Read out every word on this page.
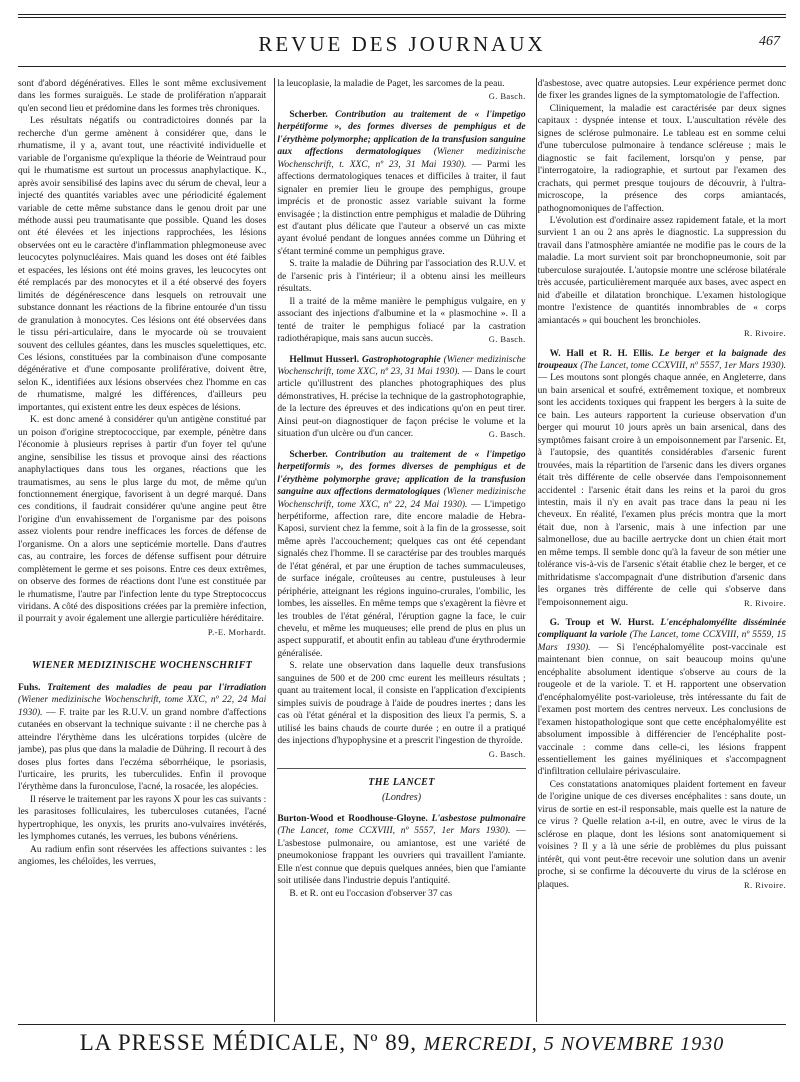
REVUE DES JOURNAUX	467

sont d'abord dégénératives. Elles le sont même exclusivement dans les formes suraiguës. Le stade de prolifération n'apparait qu'en second lieu et prédomine dans les formes très chroniques.

Les résultats négatifs ou contradictoires donnés par la recherche d'un germe amènent à considérer que, dans le rhumatisme, il y a, avant tout, une réactivité individuelle et variable de l'organisme qu'explique la théorie de Weintraud pour qui le rhumatisme est surtout un processus anaphylactique. K., après avoir sensibilisé des lapins avec du sérum de cheval, leur a injecté des quantités variables avec une périodicité également variable de cette même substance dans le genou droit par une méthode aussi peu traumatisante que possible. Quand les doses ont été élevées et les injections rapprochées, les lésions observées ont eu le caractère d'inflammation phlegmoneuse avec leucocytes polynucléaires. Mais quand les doses ont été faibles et espacées, les lésions ont été moins graves, les leucocytes ont été remplacés par des monocytes et il a été observé des foyers limités de dégénérescence dans lesquels on retrouvait une substance donnant les réactions de la fibrine entourée d'un tissu de granulation à monocytes. Ces lésions ont été observées dans le tissu péri-articulaire, dans le myocarde où se trouvaient souvent des cellules géantes, dans les muscles squelettiques, etc. Ces lésions, constituées par la combinaison d'une composante dégénérative et d'une composante proliférative, doivent être, selon K., identifiées aux lésions observées chez l'homme en cas de rhumatisme, malgré les différences, d'ailleurs peu importantes, qui existent entre les deux espèces de lésions.

K. est donc amené à considérer qu'un antigène constitué par un poison d'origine streptococcique, par exemple, pénètre dans l'économie à plusieurs reprises à partir d'un foyer tel qu'une angine, sensibilise les tissus et provoque ainsi des réactions anaphylactiques dans tous les organes, réactions que les traumatismes, au sens le plus large du mot, de même qu'un fonctionnement énergique, favorisent à un degré marqué. Dans ces conditions, il faudrait considérer qu'une angine peut être l'origine d'un envahissement de l'organisme par des poisons assez violents pour rendre inefficaces les forces de défense de l'organisme. On a alors une septicémie mortelle. Dans d'autres cas, au contraire, les forces de défense suffisent pour détruire complètement le germe et ses poisons. Entre ces deux extrêmes, on observe des formes de réactions dont l'une est constituée par le rhumatisme, l'autre par l'infection lente du type Streptococcus viridans. A côté des dispositions créées par la première infection, il pourrait y avoir également une allergie particulière héréditaire.

P.-E. Morhardt.
WIENER MEDIZINISCHE WOCHENSCHRIFT

Fuhs. Traitement des maladies de peau par l'irradiation (Wiener medizinische Wochenschrift, tome XXC, nº 22, 24 Mai 1930). — F. traite par les R.U.V. un grand nombre d'affections cutanées en observant la technique suivante : il ne cherche pas à atteindre l'érythème dans les ulcérations torpides (ulcère de jambe), pas plus que dans la maladie de Dühring. Il recourt à des doses plus fortes dans l'eczéma séborrhéique, le psoriasis, l'urticaire, les prurits, les tuberculides. Enfin il provoque l'érythème dans la furonculose, l'acné, la rosacée, les alopécies.

Il réserve le traitement par les rayons X pour les cas suivants : les parasitoses folliculaires, les tuberculoses cutanées, l'acné hypertrophique, les onyxis, les prurits ano-vulvaires invétérés, les lymphomes cutanés, les verrues, les bubons vénériens.

Au radium enfin sont réservées les affections suivantes : les angiomes, les chéloïdes, les verrues,

la leucoplasie, la maladie de Paget, les sarcomes de la peau.
G. Basch.

Scherber. Contribution au traitement de « l'impetigo herpétiforme », des formes diverses de pemphigus et de l'érythème polymorphe; application de la transfusion sanguine aux affections dermatologiques (Wiener medizinische Wochenschrift, t. XXC, nº 23, 31 Mai 1930). — Parmi les affections dermatologiques tenaces et difficiles à traiter, il faut signaler en premier lieu le groupe des pemphigus, groupe imprécis et de pronostic assez variable suivant la forme envisagée ; la distinction entre pemphigus et maladie de Dühring est d'autant plus délicate que l'auteur a observé un cas mixte ayant évolué pendant de longues années comme un Dühring et s'étant terminé comme un pemphigus grave.

S. traite la maladie de Dühring par l'association des R.U.V. et de l'arsenic pris à l'intérieur; il a obtenu ainsi les meilleurs résultats.

Il a traité de la même manière le pemphigus vulgaire, en y associant des injections d'albumine et la « plasmochine ». Il a tenté de traiter le pemphigus foliacé par la castration radiothérapique, mais sans aucun succès.	G. Basch.

Hellmut Husserl. Gastrophotographie (Wiener medizinische Wochenschrift, tome XXC, nº 23, 31 Mai 1930). — Dans le court article qu'illustrent des planches photographiques des plus démonstratives, H. précise la technique de la gastrophotographie, de la lecture des épreuves et des indications qu'on en peut tirer. Ainsi peut-on diagnostiquer de façon précise le volume et la situation d'un ulcère ou d'un cancer.	G. Basch.

Scherber. Contribution au traitement de « l'impetigo herpetiformis », des formes diverses de pemphigus et de l'érythème polymorphe grave; application de la transfusion sanguine aux affections dermatologiques (Wiener medizinische Wochenschrift, tome XXC, nº 22, 24 Mai 1930). — L'impetigo herpétiforme, affection rare, dite encore maladie de Hebra-Kaposi, survient chez la femme, soit à la fin de la grossesse, soit même après l'accouchement; quelques cas ont été cependant signalés chez l'homme. Il se caractérise par des troubles marqués de l'état général, et par une éruption de taches summaculeuses, de surface inégale, croûteuses au centre, pustuleuses à leur périphérie, atteignant les régions inguino-crurales, l'ombilic, les lombes, les aisselles. En même temps que s'exagèrent la fièvre et les troubles de l'état général, l'éruption gagne la face, le cuir chevelu, et même les muqueuses; elle prend de plus en plus un aspect suppuratif, et aboutit enfin au tableau d'une érythrodermie généralisée.

S. relate une observation dans laquelle deux transfusions sanguines de 500 et de 200 cmc eurent les meilleurs résultats ; quant au traitement local, il consiste en l'application d'excipients simples suivis de poudrage à l'aide de poudres inertes ; dans les cas où l'état général et la disposition des lieux l'a permis, S. a utilisé les bains chauds de courte durée ; en outre il a pratiqué des injections d'hypophysine et a prescrit l'ingestion de thyroïde.
G. Basch.

THE LANCET
(Londres)

Burton-Wood et Roodhouse-Gloyne. L'asbestose pulmonaire (The Lancet, tome CCXVIII, nº 5557, 1er Mars 1930). — L'asbestose pulmonaire, ou amiantose, est une variété de pneumokoniose frappant les ouvriers qui travaillent l'amiante. Elle n'est connue que depuis quelques années, bien que l'amiante soit utilisée dans l'industrie depuis l'antiquité.

B. et R. ont eu l'occasion d'observer 37 cas

d'asbestose, avec quatre autopsies. Leur expérience permet donc de fixer les grandes lignes de la symptomatologie de l'affection.

Cliniquement, la maladie est caractérisée par deux signes capitaux : dyspnée intense et toux. L'auscultation révèle des signes de sclérose pulmonaire. Le tableau est en somme celui d'une tuberculose pulmonaire à tendance scléreuse ; mais le diagnostic se fait facilement, lorsqu'on y pense, par l'interrogatoire, la radiographie, et surtout par l'examen des crachats, qui permet presque toujours de découvrir, à l'ultra-microscope, la présence des corps amiantacés, pathognomoniques de l'affection.

L'évolution est d'ordinaire assez rapidement fatale, et la mort survient 1 an ou 2 ans après le diagnostic. La suppression du travail dans l'atmosphère amiantée ne modifie pas le cours de la maladie. La mort survient soit par bronchopneumonie, soit par tuberculose surajoutée. L'autopsie montre une sclérose bilatérale très accusée, particulièrement marquée aux bases, avec aspect en nid d'abeille et dilatation bronchique. L'examen histologique montre l'existence de quantités innombrables de « corps amiantacés » qui bouchent les bronchioles.

R. Rivoire.

W. Hall et R. H. Ellis. Le berger et la baignade des troupeaux (The Lancet, tome CCXVIII, nº 5557, 1er Mars 1930). — Les moutons sont plongés chaque année, en Angleterre, dans un bain arsenical et soufré, extrêmement toxique, et nombreux sont les accidents toxiques qui frappent les bergers à la suite de ce bain. Les auteurs rapportent la curieuse observation d'un berger qui mourut 10 jours après un bain arsenical, dans des symptômes faisant croire à un empoisonnement par l'arsenic. Et, à l'autopsie, des quantités considérables d'arsenic furent trouvées, mais la répartition de l'arsenic dans les divers organes était très différente de celle observée dans l'empoisonnement accidentel : l'arsenic était dans les reins et la paroi du gros intestin, mais il n'y en avait pas trace dans la peau ni les cheveux. En réalité, l'examen plus précis montra que la mort était due, non à l'arsenic, mais à une infection par une salmonellose, due au bacille aertrycke dont un chien était mort en même temps. Il semble donc qu'à la faveur de son métier une tolérance vis-à-vis de l'arsenic s'était établie chez le berger, et ce mithridatisme s'accompagnait d'une distribution d'arsenic dans les organes très différente de celle qui s'observe dans l'empoisonnement aigu.	R. Rivoire.

G. Troup et W. Hurst. L'encéphalomyélite disséminée compliquant la variole (The Lancet, tome CCXVIII, nº 5559, 15 Mars 1930). — Si l'encéphalomyélite post-vaccinale est maintenant bien connue, on sait beaucoup moins qu'une encéphalite absolument identique s'observe au cours de la rougeole et de la variole. T. et H. rapportent une observation d'encéphalomyélite post-varioleuse, très intéressante du fait de l'examen post mortem des centres nerveux. Les conclusions de l'examen histopathologique sont que cette encéphalomyélite est absolument impossible à différencier de l'encéphalite post-vaccinale : comme dans celle-ci, les lésions frappent essentiellement les gaines myéliniques et s'accompagnent d'infiltration cellulaire périvasculaire.

Ces constatations anatomiques plaident fortement en faveur de l'origine unique de ces diverses encéphalites : sans doute, un virus de sortie en est-il responsable, mais quelle est la nature de ce virus ? Quelle relation a-t-il, en outre, avec le virus de la sclérose en plaque, dont les lésions sont anatomiquement si voisines ? Il y a là une série de problèmes du plus puissant intérêt, qui vont peut-être recevoir une solution dans un avenir proche, si se confirme la découverte du virus de la sclérose en plaques.	R. Rivoire.

LA PRESSE MÉDICALE, Nº 89, MERCREDI, 5 NOVEMBRE 1930
